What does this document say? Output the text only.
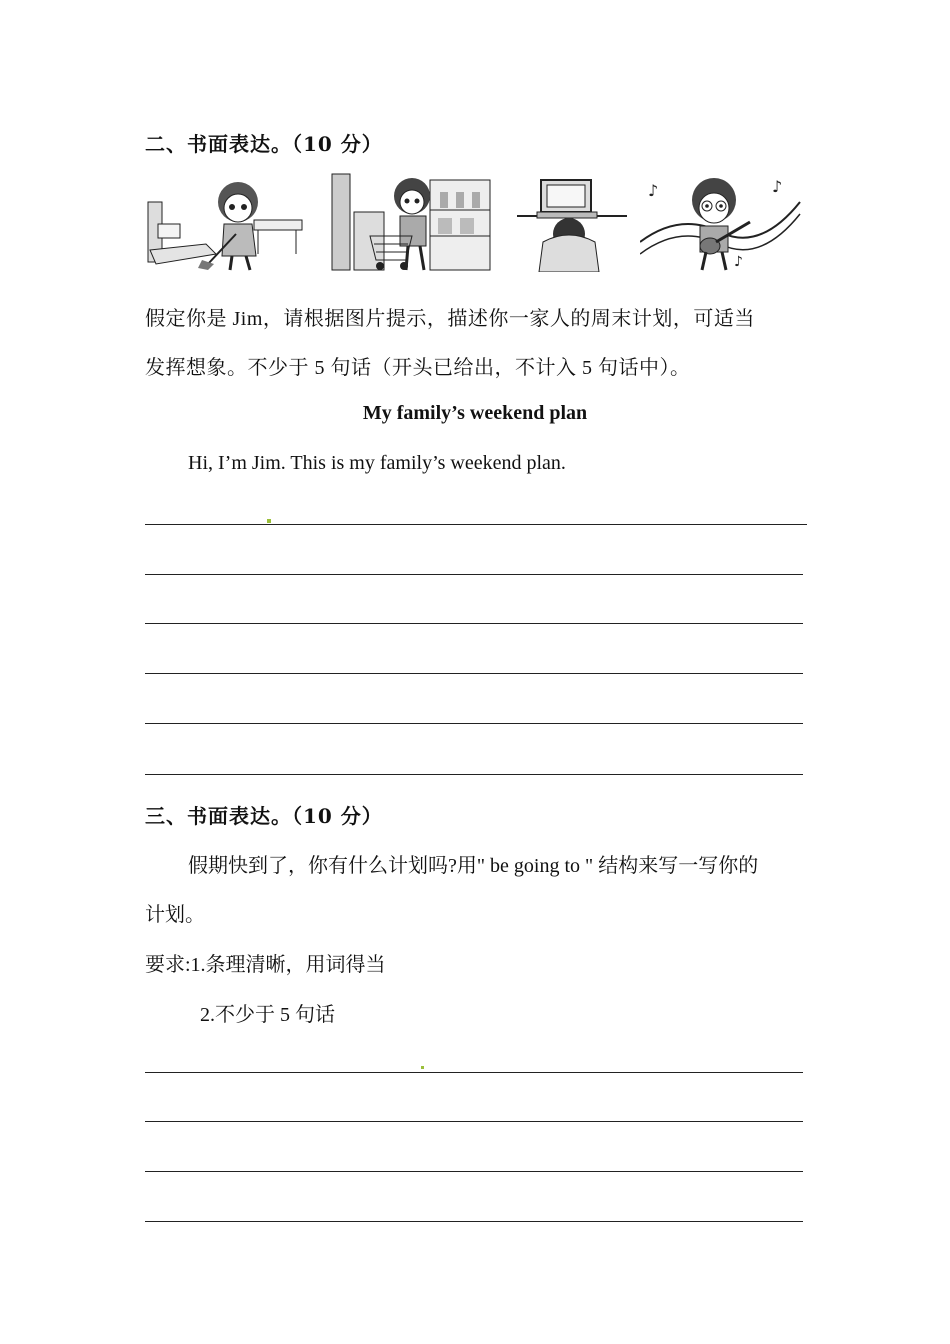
二、书面表达。（10 分）
♪	♪
♪
假定你是 Jim，请根据图片提示，描述你一家人的周末计划，可适当
发挥想象。不少于 5 句话（开头已给出，不计入 5 句话中）。
My family’s weekend plan
Hi, I’m Jim. This is my family’s weekend plan.
三、书面表达。（10 分）
假期快到了，你有什么计划吗?用" be going to " 结构来写一写你的
计划。
要求:1.条理清晰，用词得当
2.不少于 5 句话
